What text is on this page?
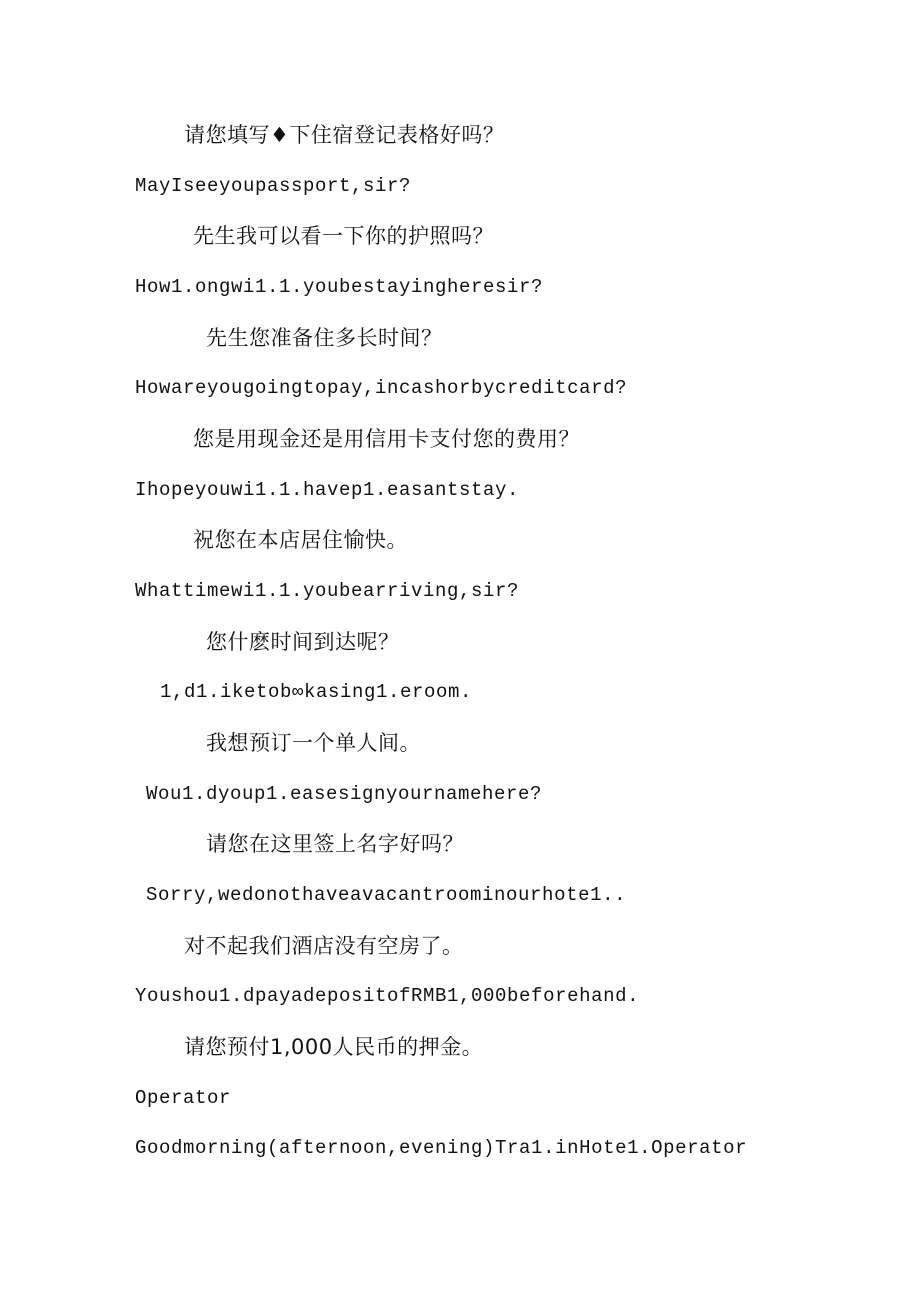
请您填写♦下住宿登记表格好吗？
MayIseeyoupassport,sir?
先生我可以看一下你的护照吗？
How1.ongwi1.1.youbestayingheresir?
先生您准备住多长时间？
Howareyougoingtopay,incashorbycreditcard?
您是用现金还是用信用卡支付您的费用？
Ihopeyouwi1.1.havep1.easantstay.
祝您在本店居住愉快。
Whattimewi1.1.youbearriving,sir?
您什麽时间到达呢？
1,d1.iketob∞kasing1.eroom.
我想预订一个单人间。
Wou1.dyoup1.easesignyournamehere?
请您在这里签上名字好吗？
Sorry,wedonothaveavacantroominourhote1..
对不起我们酒店没有空房了。
Youshou1.dpayadepositofRMB1,000beforehand.
请您预付1,000人民币的押金。
Operator
Goodmorning(afternoon,evening)Tra1.inHote1.Operator
